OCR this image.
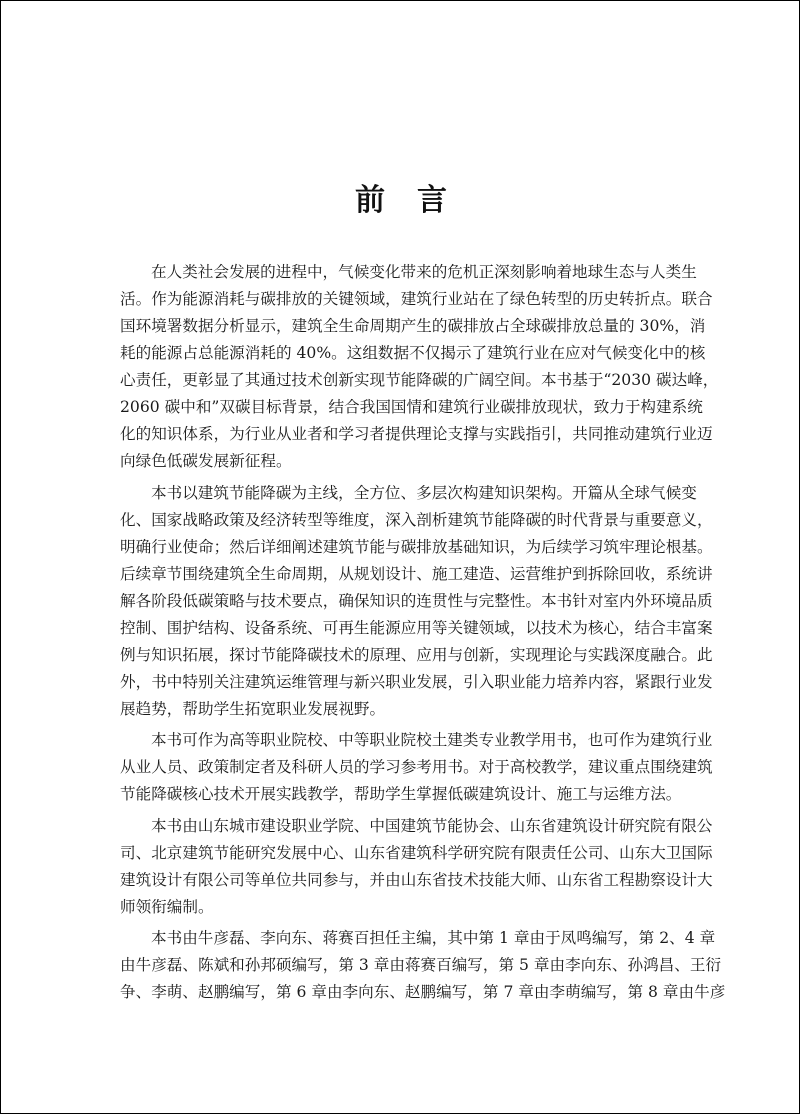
前言
在人类社会发展的进程中，气候变化带来的危机正深刻影响着地球生态与人类生
活。作为能源消耗与碳排放的关键领域，建筑行业站在了绿色转型的历史转折点。联合
国环境署数据分析显示，建筑全生命周期产生的碳排放占全球碳排放总量的 30%，消
耗的能源占总能源消耗的 40%。这组数据不仅揭示了建筑行业在应对气候变化中的核
心责任，更彰显了其通过技术创新实现节能降碳的广阔空间。本书基于“2030 碳达峰，
2060 碳中和”双碳目标背景，结合我国国情和建筑行业碳排放现状，致力于构建系统
化的知识体系，为行业从业者和学习者提供理论支撑与实践指引，共同推动建筑行业迈
向绿色低碳发展新征程。
本书以建筑节能降碳为主线，全方位、多层次构建知识架构。开篇从全球气候变
化、国家战略政策及经济转型等维度，深入剖析建筑节能降碳的时代背景与重要意义，
明确行业使命；然后详细阐述建筑节能与碳排放基础知识，为后续学习筑牢理论根基。
后续章节围绕建筑全生命周期，从规划设计、施工建造、运营维护到拆除回收，系统讲
解各阶段低碳策略与技术要点，确保知识的连贯性与完整性。本书针对室内外环境品质
控制、围护结构、设备系统、可再生能源应用等关键领域，以技术为核心，结合丰富案
例与知识拓展，探讨节能降碳技术的原理、应用与创新，实现理论与实践深度融合。此
外，书中特别关注建筑运维管理与新兴职业发展，引入职业能力培养内容，紧跟行业发
展趋势，帮助学生拓宽职业发展视野。
本书可作为高等职业院校、中等职业院校土建类专业教学用书，也可作为建筑行业
从业人员、政策制定者及科研人员的学习参考用书。对于高校教学，建议重点围绕建筑
节能降碳核心技术开展实践教学，帮助学生掌握低碳建筑设计、施工与运维方法。
本书由山东城市建设职业学院、中国建筑节能协会、山东省建筑设计研究院有限公
司、北京建筑节能研究发展中心、山东省建筑科学研究院有限责任公司、山东大卫国际
建筑设计有限公司等单位共同参与，并由山东省技术技能大师、山东省工程勘察设计大
师领衔编制。
本书由牛彦磊、李向东、蒋赛百担任主编，其中第 1 章由于凤鸣编写，第 2、4 章
由牛彦磊、陈斌和孙邦硕编写，第 3 章由蒋赛百编写，第 5 章由李向东、孙鸿昌、王衍
争、李萌、赵鹏编写，第 6 章由李向东、赵鹏编写，第 7 章由李萌编写，第 8 章由牛彦
